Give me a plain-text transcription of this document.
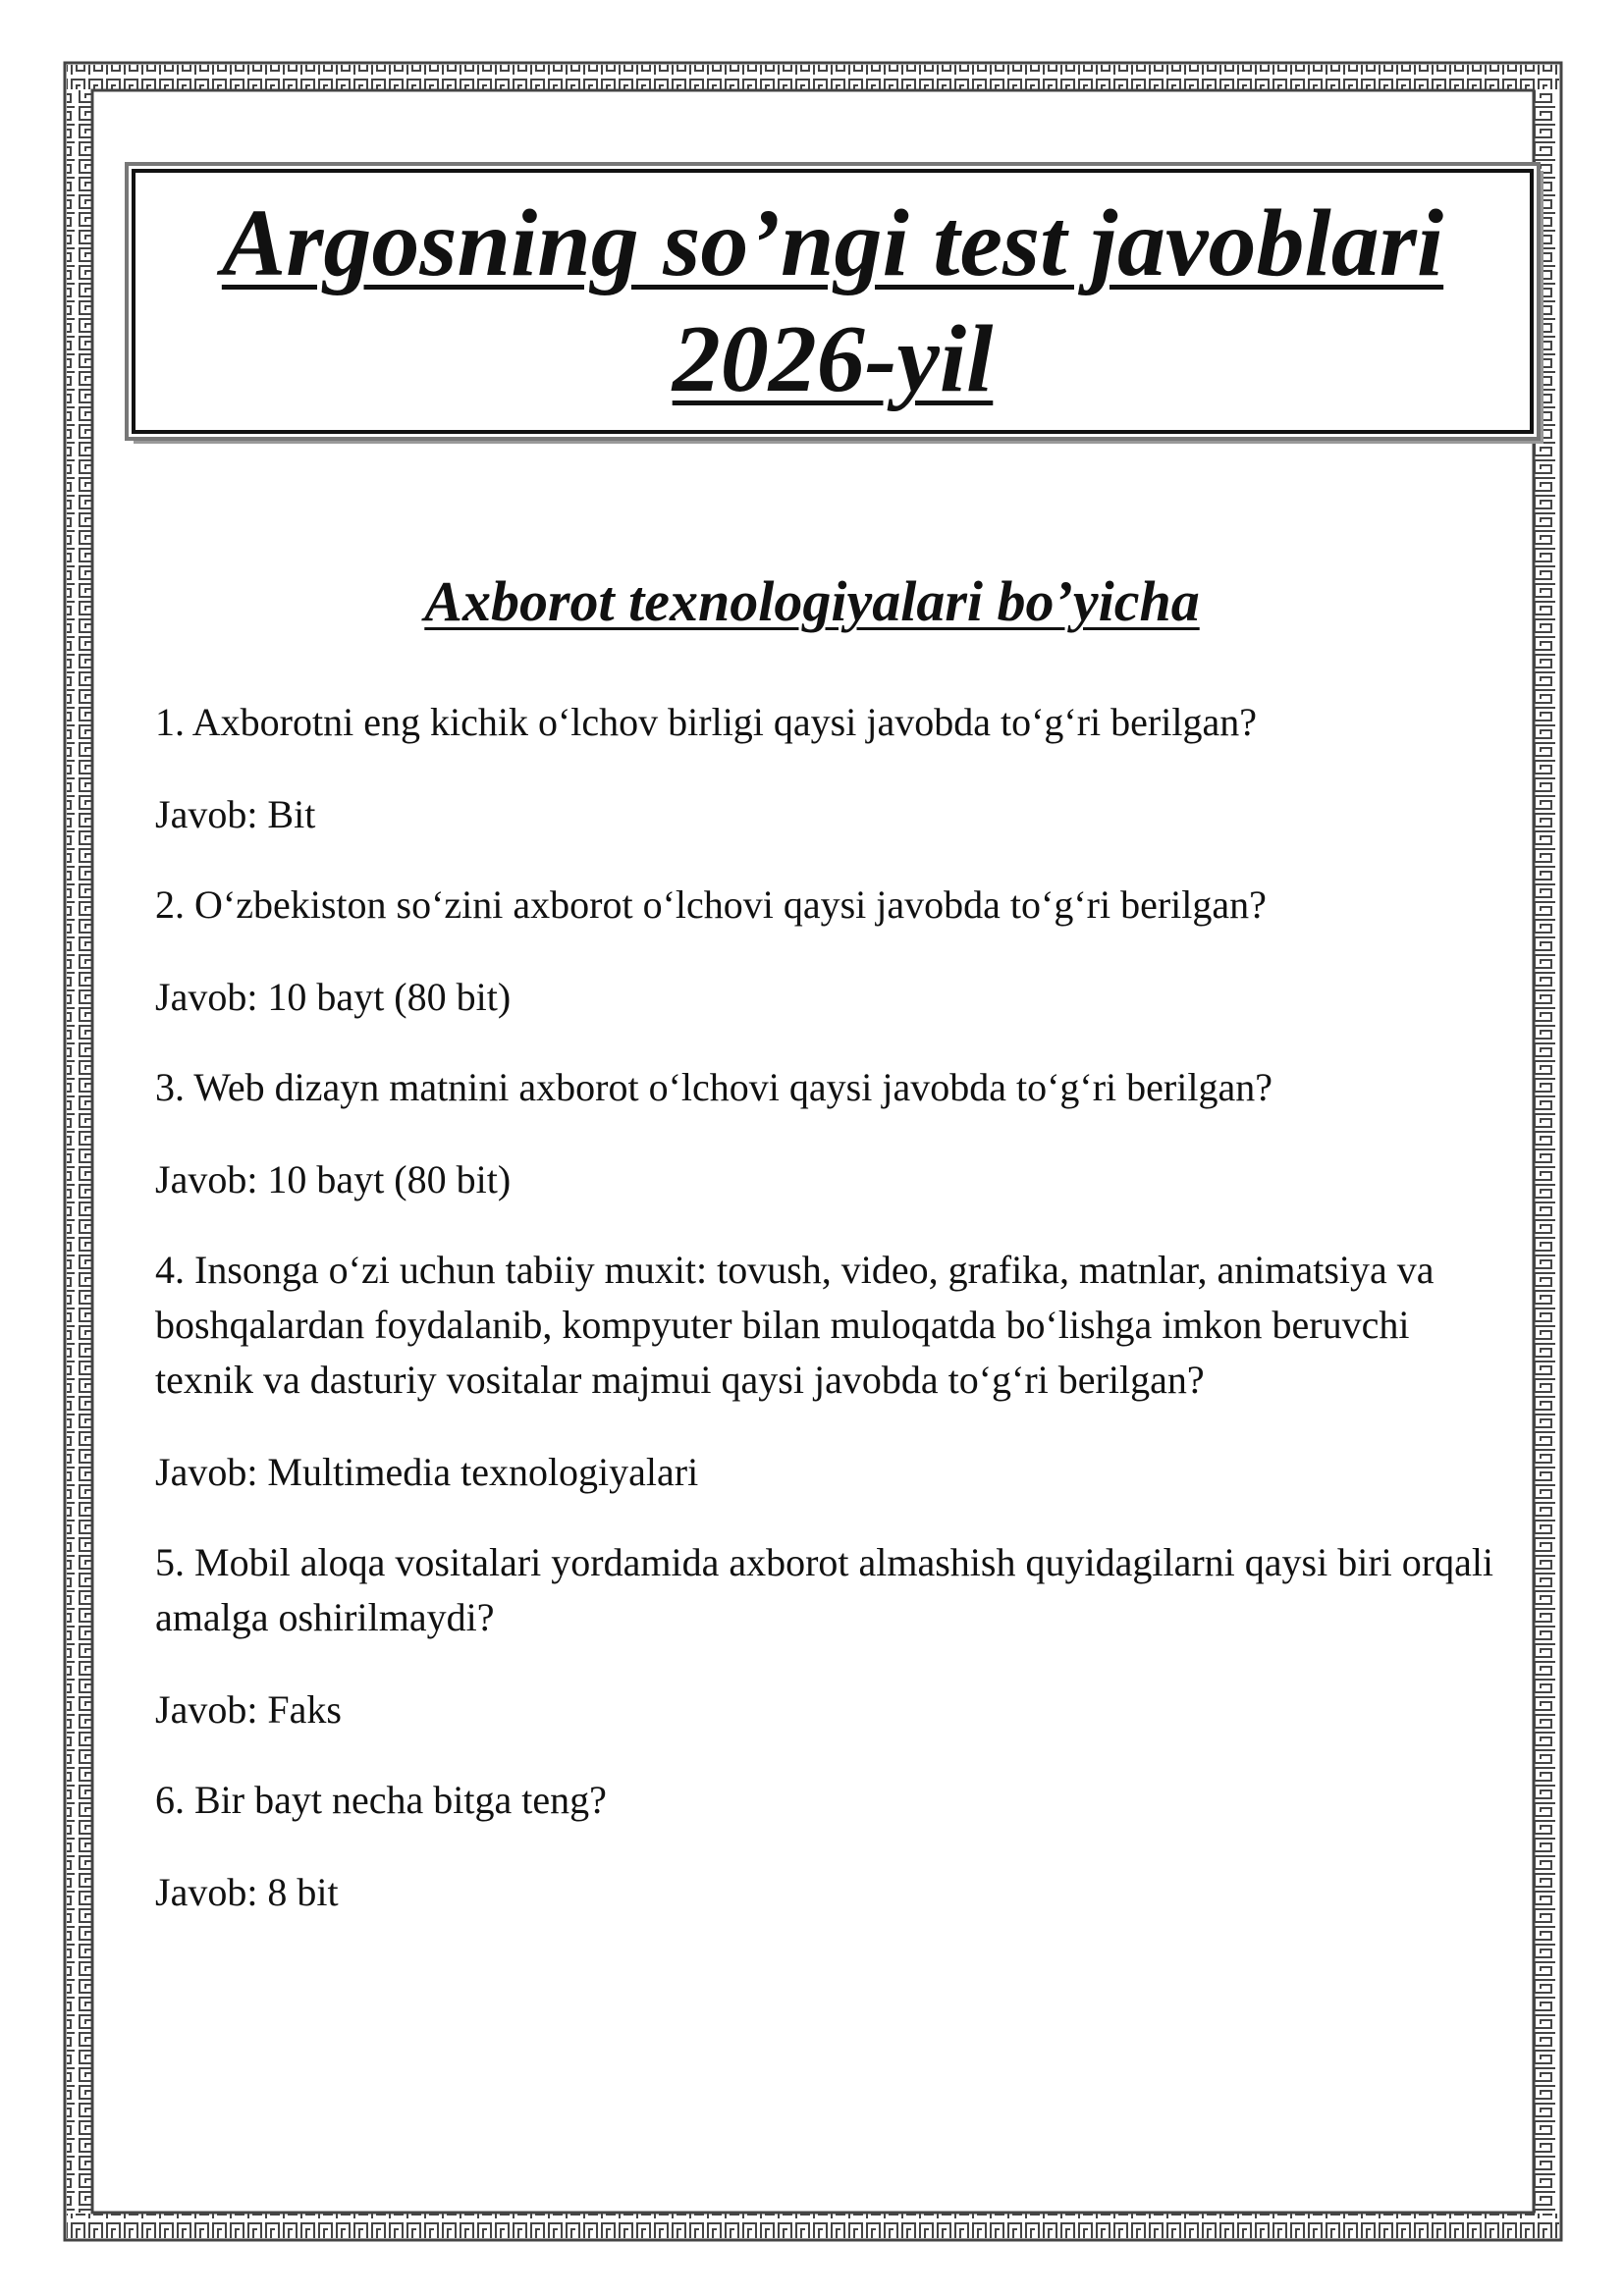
Argosning so’ngi test javoblari
2026-yil
Axborot texnologiyalari bo’yicha

1. Axborotni eng kichik o‘lchov birligi qaysi javobda to‘g‘ri berilgan?

Javob: Bit

2. O‘zbekiston so‘zini axborot o‘lchovi qaysi javobda to‘g‘ri berilgan?

Javob: 10 bayt (80 bit)

3. Web dizayn matnini axborot o‘lchovi qaysi javobda to‘g‘ri berilgan?

Javob: 10 bayt (80 bit)

4. Insonga o‘zi uchun tabiiy muxit: tovush, video, grafika, matnlar, animatsiya va boshqalardan foydalanib, kompyuter bilan muloqatda bo‘lishga imkon beruvchi texnik va dasturiy vositalar majmui qaysi javobda to‘g‘ri berilgan?

Javob: Multimedia texnologiyalari

5. Mobil aloqa vositalari yordamida axborot almashish quyidagilarni qaysi biri orqali amalga oshirilmaydi?

Javob: Faks

6. Bir bayt necha bitga teng?

Javob: 8 bit
